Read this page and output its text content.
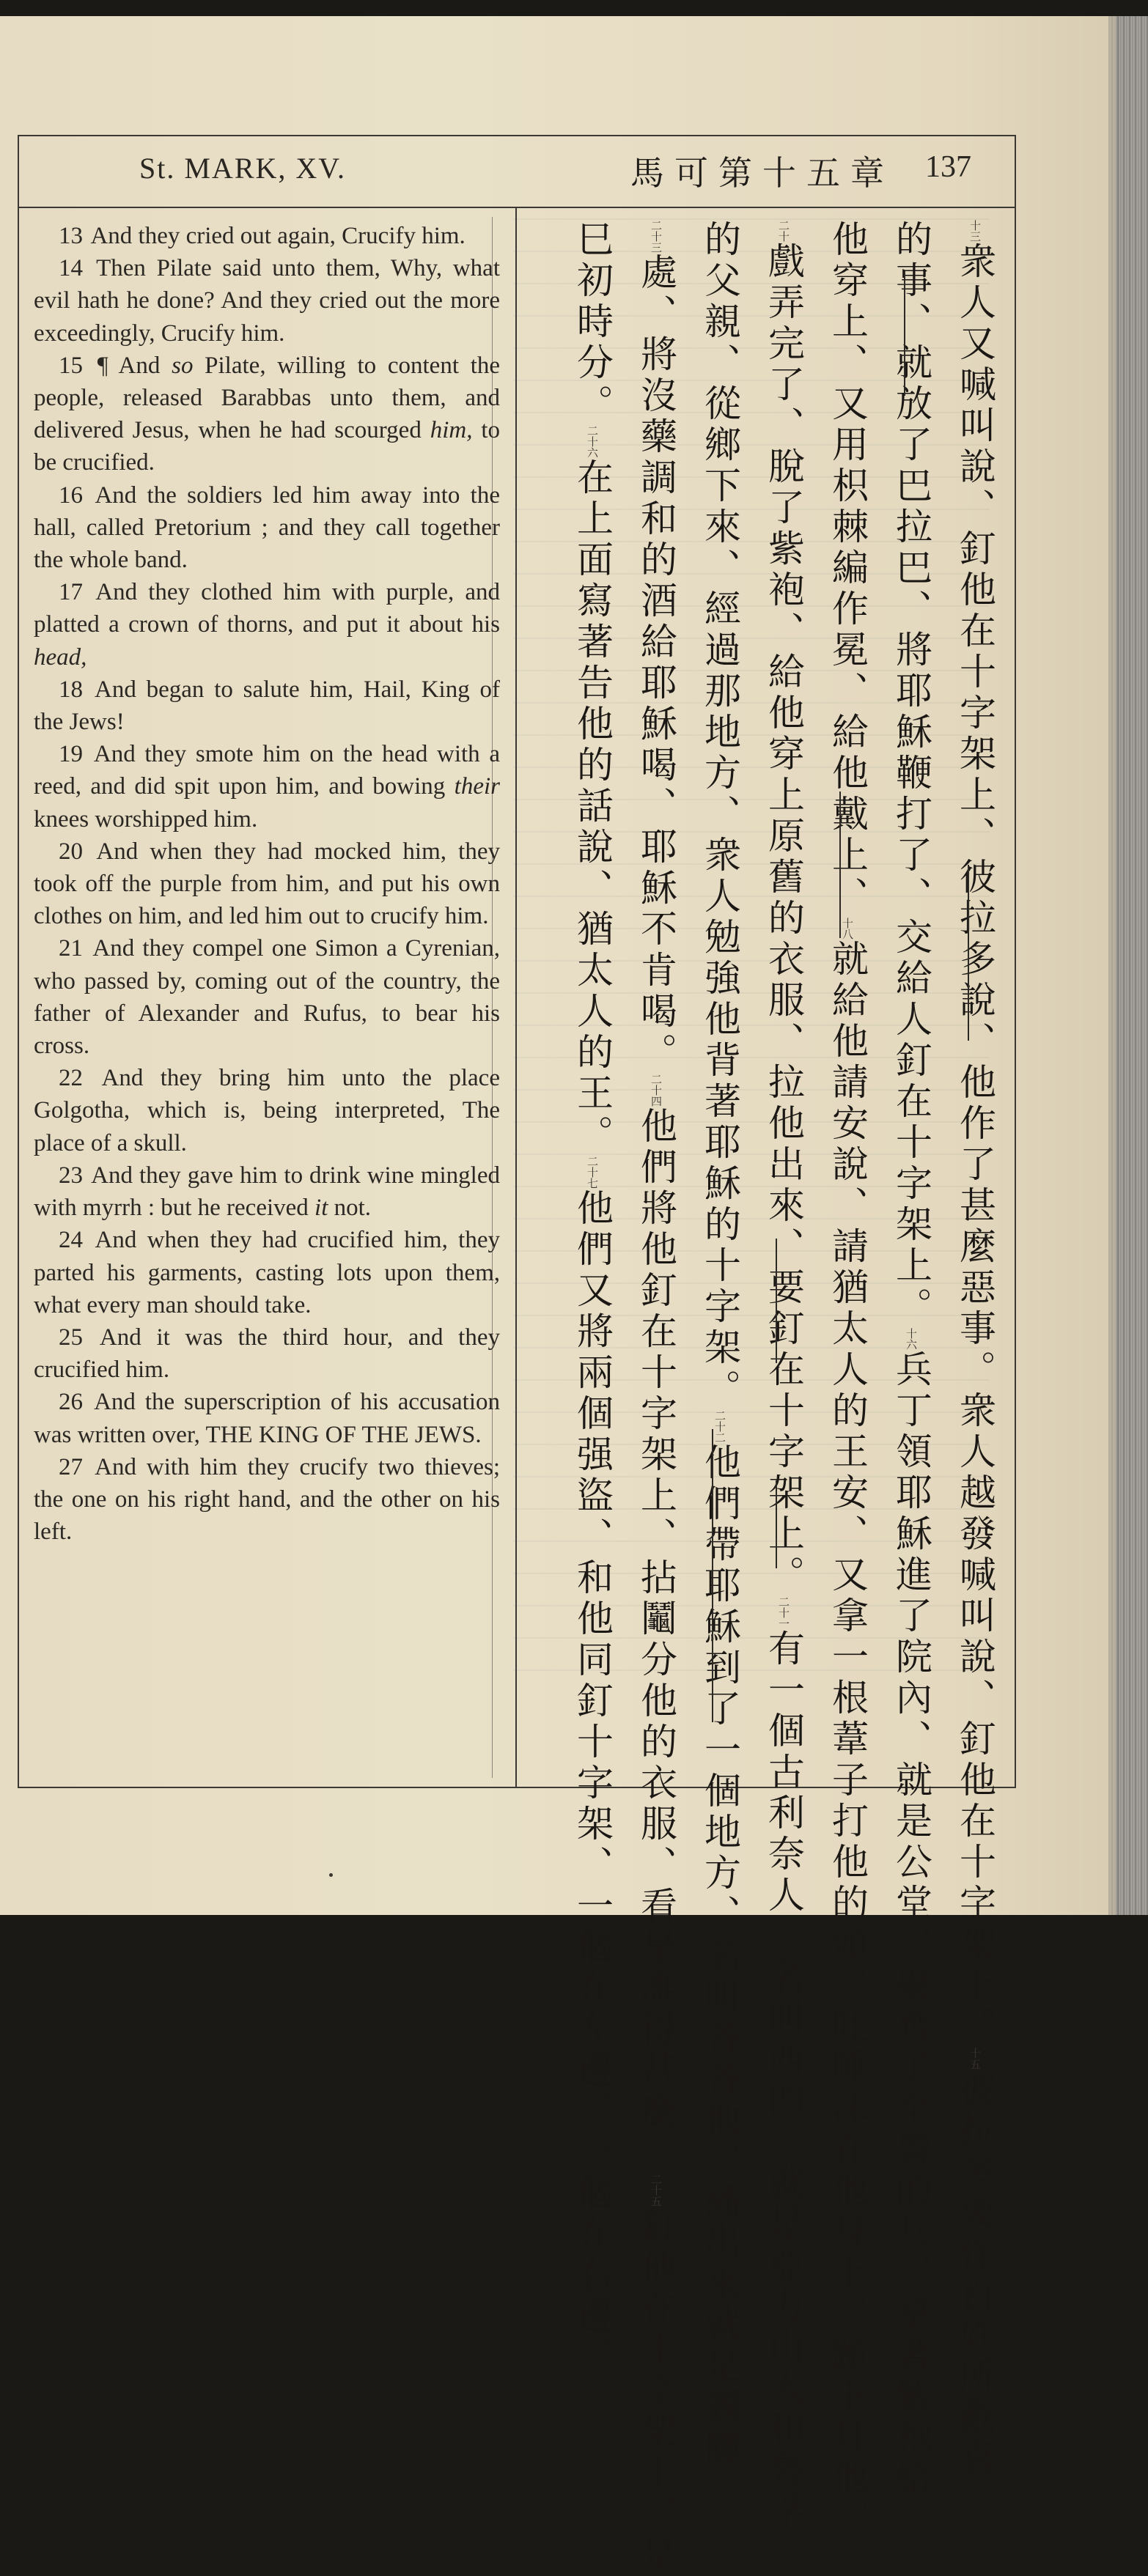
St. MARK, XV.	馬可第十五章 137

13 And they cried out again, Crucify him.

14 Then Pilate said unto them, Why, what evil hath he done? And they cried out the more exceedingly, Crucify him.

15 ¶ And so Pilate, willing to content the people, released Barabbas unto them, and delivered Jesus, when he had scourged him, to be crucified.

16 And the soldiers led him away into the hall, called Pretorium ; and they call together the whole band.

17 And they clothed him with purple, and platted a crown of thorns, and put it about his head,

18 And began to salute him, Hail, King of the Jews!

19 And they smote him on the head with a reed, and did spit upon him, and bowing their knees worshipped him.

20 And when they had mocked him, they took off the purple from him, and put his own clothes on him, and led him out to crucify him.

21 And they compel one Simon a Cyrenian, who passed by, coming out of the country, the father of Alexander and Rufus, to bear his cross.

22 And they bring him unto the place Golgotha, which is, being interpreted, The place of a skull.

23 And they gave him to drink wine mingled with myrrh : but he received it not.

24 And when they had crucified him, they parted his garments, casting lots upon them, what every man should take.

25 And it was the third hour, and they crucified him.

26 And the superscription of his accusation was written over, THE KING OF THE JEWS.

27 And with him they crucify two thieves; the one on his right hand, and the other on his left.

十三衆人又喊叫說、釘他在十字架上、彼拉多說、他作了甚麼惡事。衆人越發喊叫說、釘他在十字架上。十五彼拉多要作百姓所歡喜
的事、就放了巴拉巴、將耶穌鞭打了、交給人釘在十字架上。十六兵丁領耶穌進了院內、就是公堂、聚齊了全營的兵、拿著紫袍給
他穿上、又用枳棘編作冕、給他戴上、十八就給他請安說、請猶太人的王安、又拿一根葦子打他的頭、吐唾沫在他身上、跪下拜他。
二十戲弄完了、脫了紫袍、給他穿上原舊的衣服、拉他出來、要釘在十字架上。二十一有一個古利奈人、名叫西門、就是亞力山大和魯孚
的父親、從鄉下來、經過那地方、衆人勉強他背著耶穌的十字架。二十二他們帶耶穌到了一個地方、名叫各各他、繙出來就是髑髏
二十三處、將沒藥調和的酒給耶穌喝、耶穌不肯喝。二十四他們將他釘在十字架上、拈鬮分他的衣服、看是誰得甚麼。二十五釘他在十字架上、是
巳初時分。二十六在上面寫著告他的話說、猶太人的王。二十七他們又將兩個强盜、和他同釘十字架、一個在左邊、一個在右邊、
